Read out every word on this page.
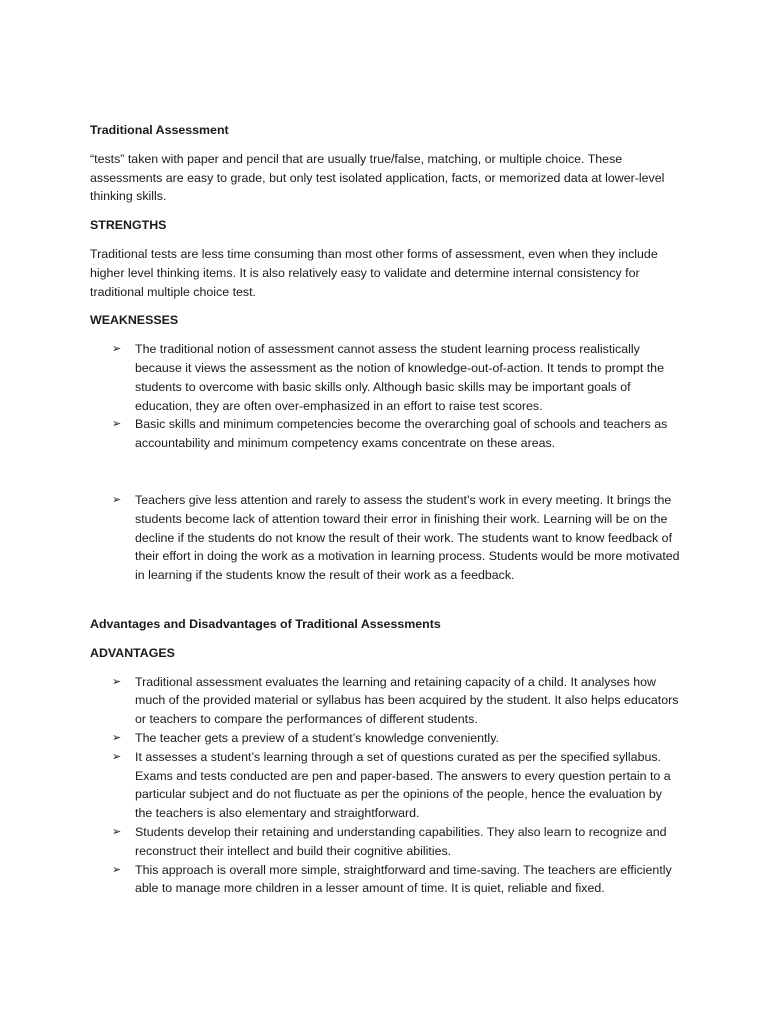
Traditional Assessment

“tests” taken with paper and pencil that are usually true/false, matching, or multiple choice. These assessments are easy to grade, but only test isolated application, facts, or memorized data at lower-level thinking skills.

STRENGTHS

Traditional tests are less time consuming than most other forms of assessment, even when they include higher level thinking items. It is also relatively easy to validate and determine internal consistency for traditional multiple choice test.

WEAKNESSES
➢ The traditional notion of assessment cannot assess the student learning process realistically because it views the assessment as the notion of knowledge-out-of-action. It tends to prompt the students to overcome with basic skills only. Although basic skills may be important goals of education, they are often over-emphasized in an effort to raise test scores.
➢ Basic skills and minimum competencies become the overarching goal of schools and teachers as accountability and minimum competency exams concentrate on these areas.
➢ Teachers give less attention and rarely to assess the student’s work in every meeting. It brings the students become lack of attention toward their error in finishing their work. Learning will be on the decline if the students do not know the result of their work. The students want to know feedback of their effort in doing the work as a motivation in learning process. Students would be more motivated in learning if the students know the result of their work as a feedback.
Advantages and Disadvantages of Traditional Assessments
ADVANTAGES
➢ Traditional assessment evaluates the learning and retaining capacity of a child. It analyses how much of the provided material or syllabus has been acquired by the student. It also helps educators or teachers to compare the performances of different students.
➢ The teacher gets a preview of a student’s knowledge conveniently.
➢ It assesses a student’s learning through a set of questions curated as per the specified syllabus. Exams and tests conducted are pen and paper-based. The answers to every question pertain to a particular subject and do not fluctuate as per the opinions of the people, hence the evaluation by the teachers is also elementary and straightforward.
➢ Students develop their retaining and understanding capabilities. They also learn to recognize and reconstruct their intellect and build their cognitive abilities.
➢ This approach is overall more simple, straightforward and time-saving. The teachers are efficiently able to manage more children in a lesser amount of time. It is quiet, reliable and fixed.
